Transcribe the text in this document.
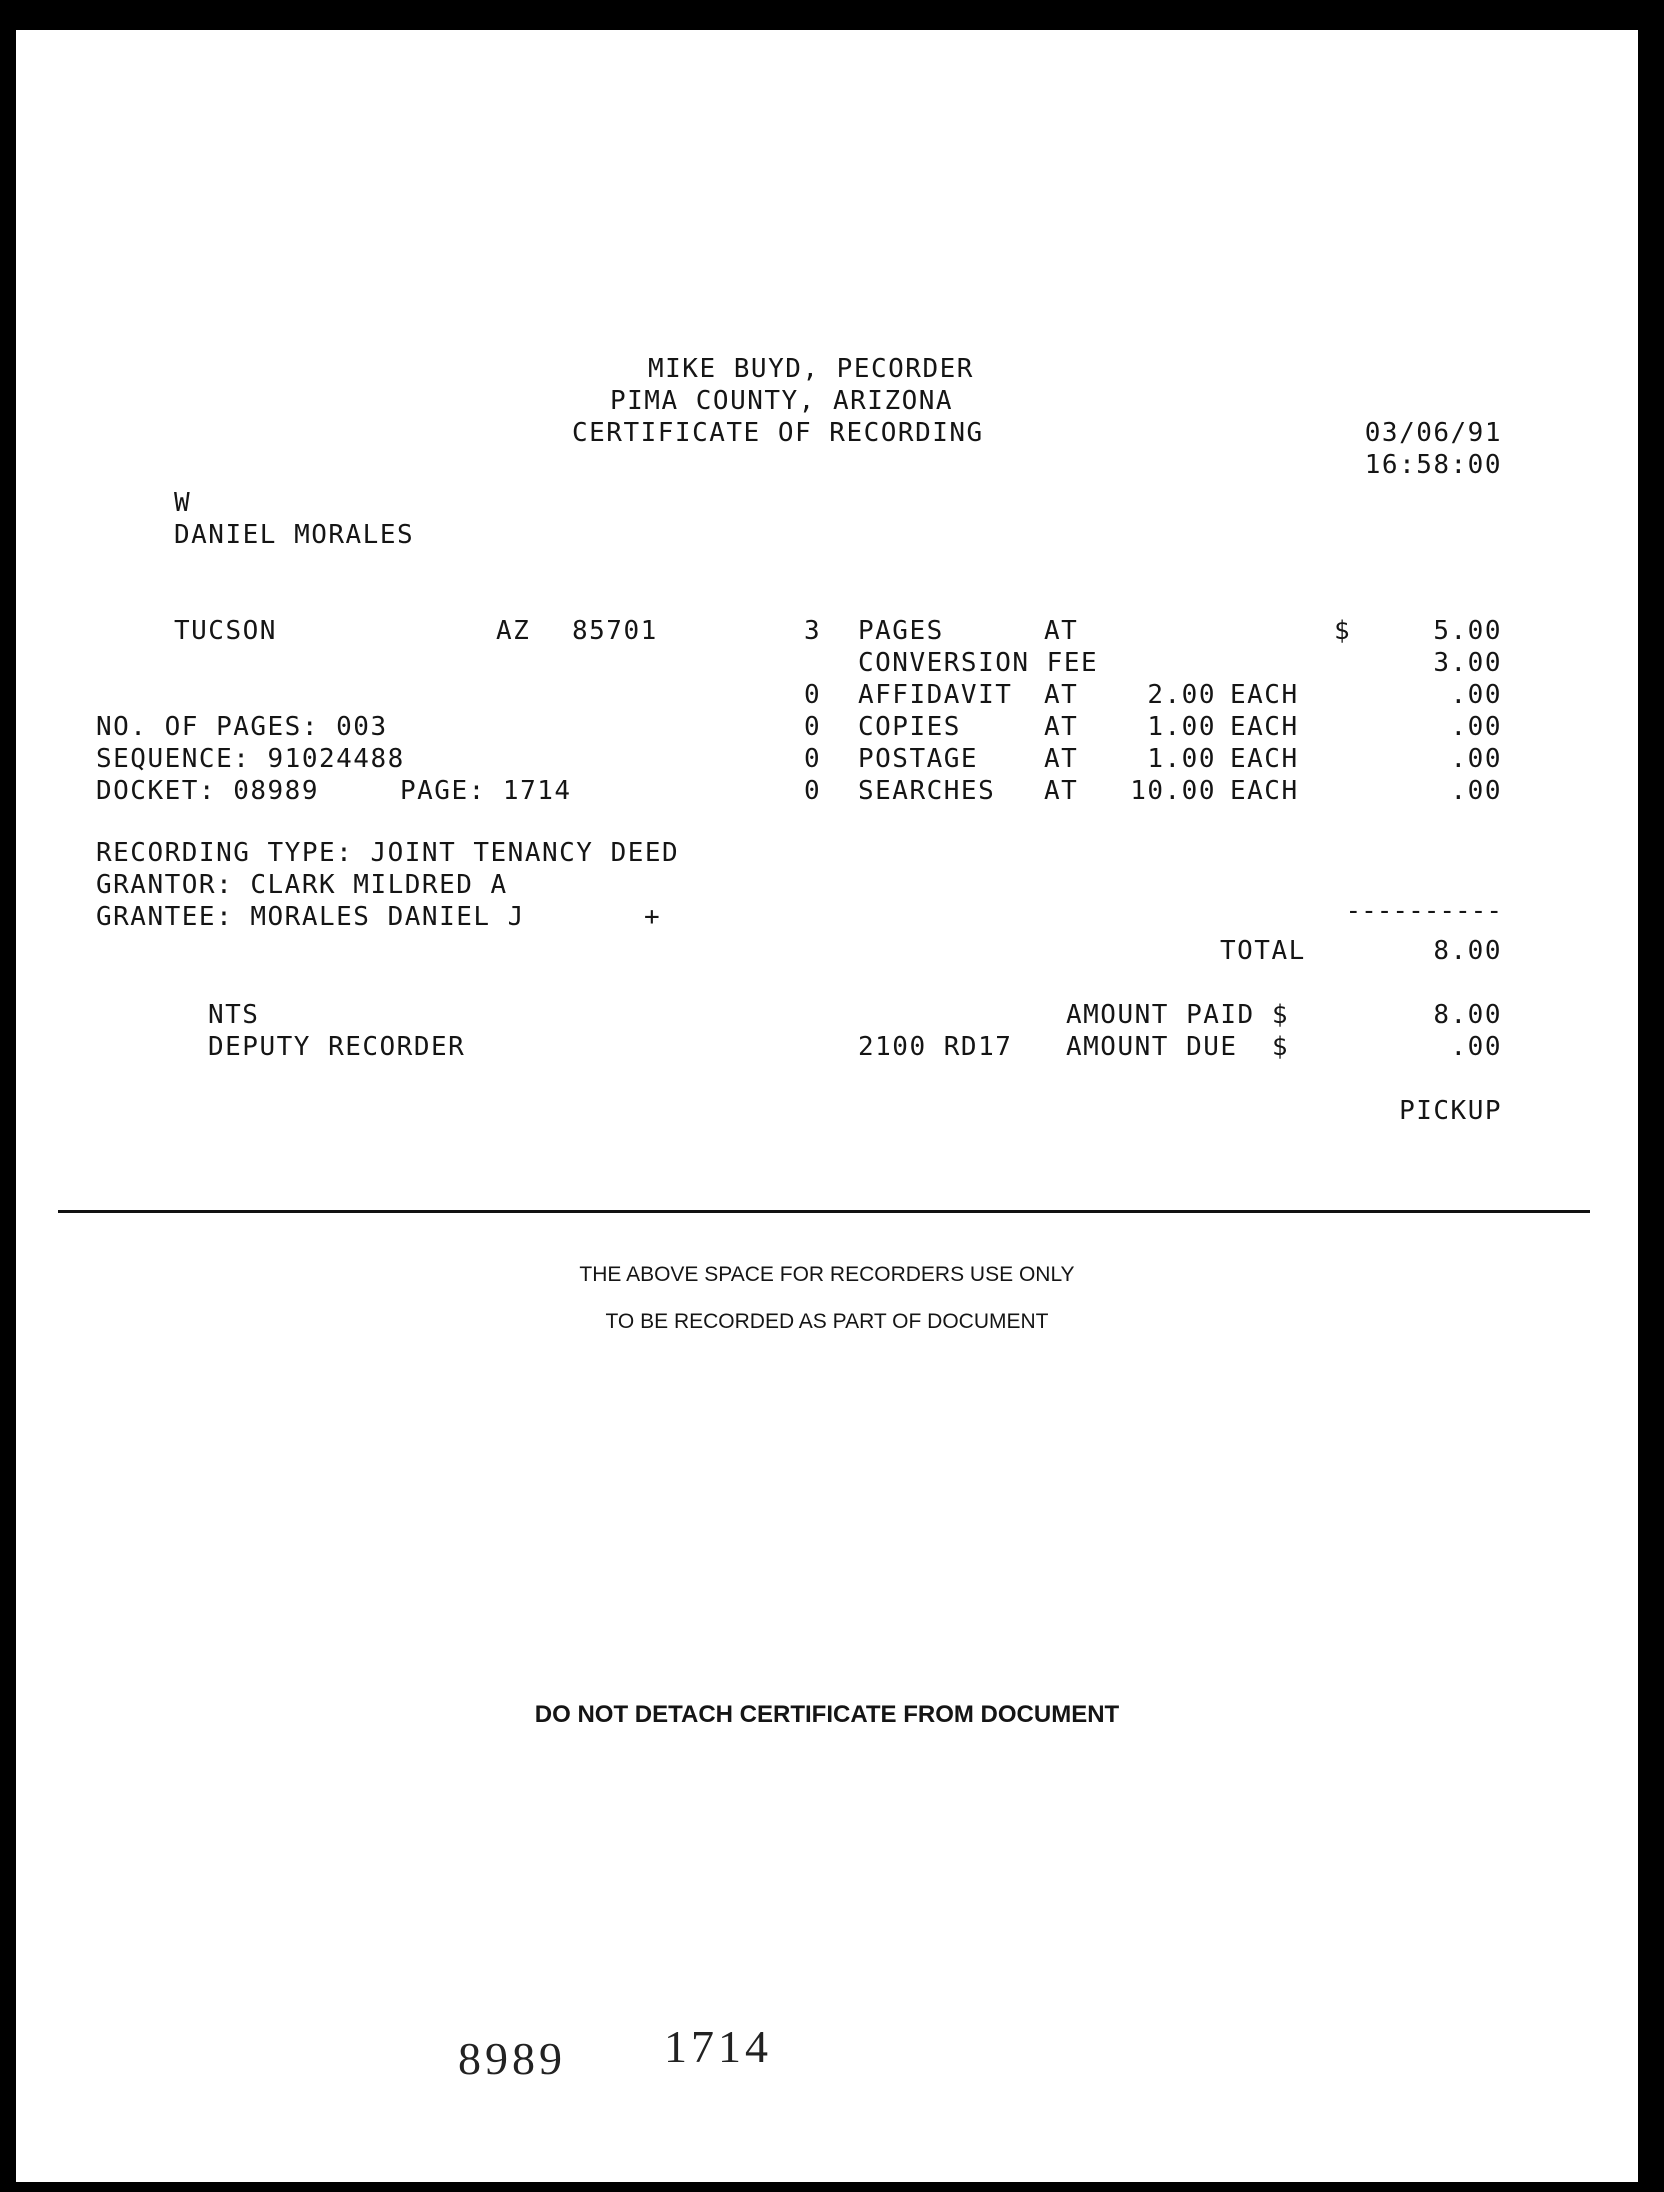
MIKE BUYD, PECORDER
PIMA COUNTY, ARIZONA
CERTIFICATE OF RECORDING	03/06/91
16:58:00
W
DANIEL MORALES
TUCSON	AZ 85701	3 PAGES	AT	$	5.00
CONVERSION FEE	3.00
0 AFFIDAVIT AT	2.00 EACH	.00
0 COPIES	AT	1.00 EACH	.00
0 POSTAGE	AT	1.00 EACH	.00
0 SEARCHES AT	10.00 EACH	.00
NO. OF PAGES: 003
SEQUENCE: 91024488
DOCKET: 08989	PAGE: 1714
RECORDING TYPE: JOINT TENANCY DEED
GRANTOR: CLARK MILDRED A
GRANTEE: MORALES DANIEL J	+	----------
TOTAL	8.00
NTS
DEPUTY RECORDER
AMOUNT PAID $	8.00
2100 RD17 AMOUNT DUE  $	.00
PICKUP
THE ABOVE SPACE FOR RECORDERS USE ONLY
TO BE RECORDED AS PART OF DOCUMENT
DO NOT DETACH CERTIFICATE FROM DOCUMENT
8989 1714
